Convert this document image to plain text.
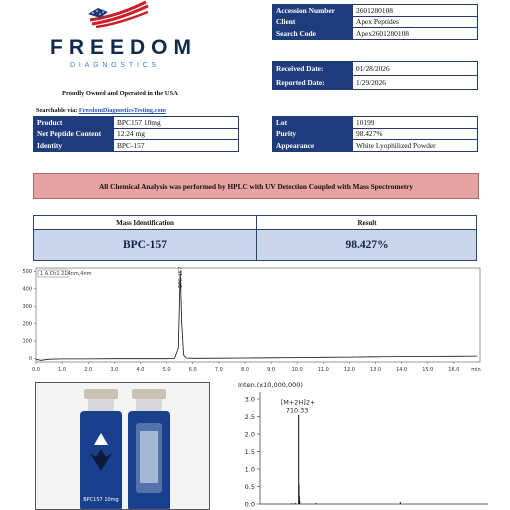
FREEDOM
DIAGNOSTICS
Proudly Owned and Operated in the USA
Searchable via: FreedomDiagnosticsTesting.com
Accession Number	2601280108
Client	Apex Peptides
Search Code	Apex2601280108
Received Date:	01/28/2026
Reported Date:	1/29/2026
Product	BPC157 10mg
Net Peptide Content	12.24 mg
Identity	BPC-157
Lot	10199
Purity	98.427%
Appearance	White Lyophilized Powder
All Chemical Analysis was performed by HPLC with UV Detection Coupled with Mass Spectrometry
Mass Identification	Result
BPC-157	98.427%
0
100
200
300
400
500
0.0	1.0	2.0	3.0	4.0	5.0	6.0	7.0	8.0	9.0	10.0	11.0	12.0	13.0	14.0	15.0	16.0 min
1 A.Ch1 214nm,4nm	BPC-157
BPC157 10mg
Inten.(x10,000,000)
0.0
0.5
1.0
1.5
2.0
2.5
3.0	[M+2H]2+
710.33
